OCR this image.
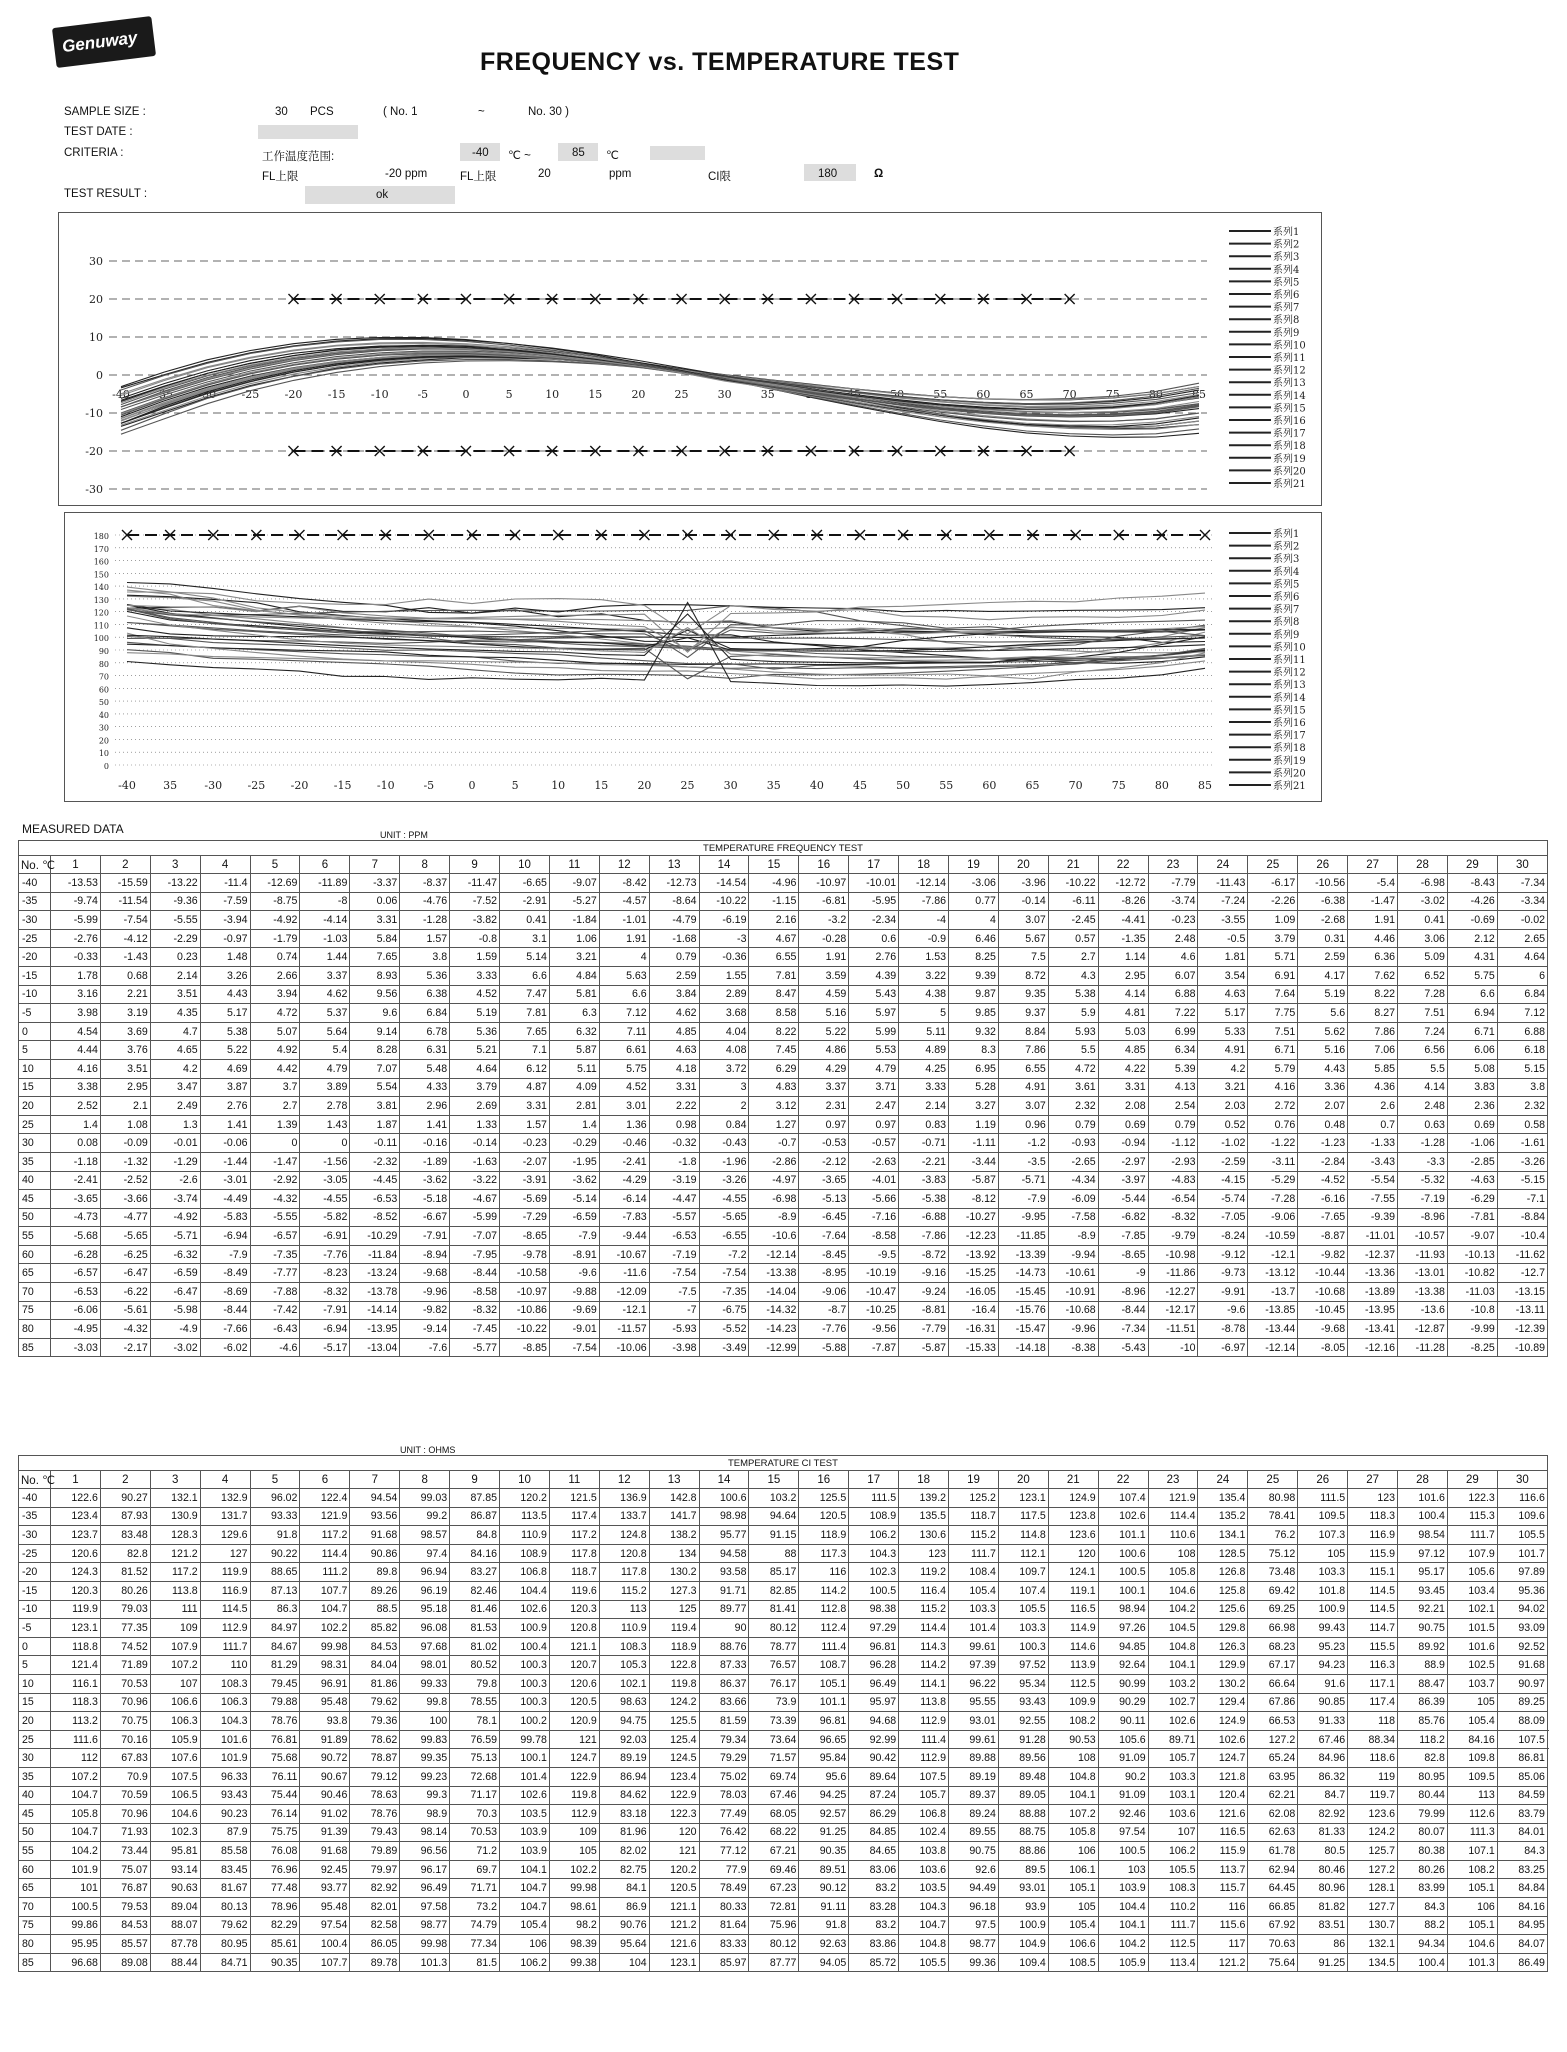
Genuway
FREQUENCY vs. TEMPERATURE TEST
SAMPLE SIZE :	30 PCS	( No. 1	~	No. 30 )
TEST DATE :
CRITERIA :	工作温度范围:	-40 ℃ ~	85 ℃
FL上限	-20 ppm	FL上限	20	ppm	CI限	180	Ω
TEST RESULT :	ok
30
20
10
0
-10
-20
-30
-40 -35 -30 -25 -20 -15 -10	-5	0	5	10	15	20	25	30	35	40	45	50	55	60	65	70	75	80	85
系列1
系列2
系列3
系列4
系列5
系列6
系列7
系列8
系列9
系列10
系列11
系列12
系列13
系列14
系列15
系列16
系列17
系列18
系列19
系列20
系列21
180
170
160
150
140
130
120
110
100
90
80
70
60
50
40
30
20
10
0
-40 35 -30 -25 -20 -15 -10	-5	0	5	10	15	20	25	30	35	40	45	50	55	60	65	70	75	80	85
系列1
系列2
系列3
系列4
系列5
系列6
系列7
系列8
系列9
系列10
系列11
系列12
系列13
系列14
系列15
系列16
系列17
系列18
系列19
系列20
系列21
MEASURED DATA	UNIT : PPM
TEMPERATURE FREQUENCY TEST																														
No. ℃	1	2	3	4	5	6	7	8	9	10	11	12	13	14	15	16	17	18	19	20	21	22	23	24	25	26	27	28	29	30
-40	-13.53	-15.59	-13.22	-11.4	-12.69	-11.89	-3.37	-8.37	-11.47	-6.65	-9.07	-8.42	-12.73	-14.54	-4.96	-10.97	-10.01	-12.14	-3.06	-3.96	-10.22	-12.72	-7.79	-11.43	-6.17	-10.56	-5.4	-6.98	-8.43	-7.34
-35	-9.74	-11.54	-9.36	-7.59	-8.75	-8	0.06	-4.76	-7.52	-2.91	-5.27	-4.57	-8.64	-10.22	-1.15	-6.81	-5.95	-7.86	0.77	-0.14	-6.11	-8.26	-3.74	-7.24	-2.26	-6.38	-1.47	-3.02	-4.26	-3.34
-30	-5.99	-7.54	-5.55	-3.94	-4.92	-4.14	3.31	-1.28	-3.82	0.41	-1.84	-1.01	-4.79	-6.19	2.16	-3.2	-2.34	-4	4	3.07	-2.45	-4.41	-0.23	-3.55	1.09	-2.68	1.91	0.41	-0.69	-0.02
-25	-2.76	-4.12	-2.29	-0.97	-1.79	-1.03	5.84	1.57	-0.8	3.1	1.06	1.91	-1.68	-3	4.67	-0.28	0.6	-0.9	6.46	5.67	0.57	-1.35	2.48	-0.5	3.79	0.31	4.46	3.06	2.12	2.65
-20	-0.33	-1.43	0.23	1.48	0.74	1.44	7.65	3.8	1.59	5.14	3.21	4	0.79	-0.36	6.55	1.91	2.76	1.53	8.25	7.5	2.7	1.14	4.6	1.81	5.71	2.59	6.36	5.09	4.31	4.64
-15	1.78	0.68	2.14	3.26	2.66	3.37	8.93	5.36	3.33	6.6	4.84	5.63	2.59	1.55	7.81	3.59	4.39	3.22	9.39	8.72	4.3	2.95	6.07	3.54	6.91	4.17	7.62	6.52	5.75	6
-10	3.16	2.21	3.51	4.43	3.94	4.62	9.56	6.38	4.52	7.47	5.81	6.6	3.84	2.89	8.47	4.59	5.43	4.38	9.87	9.35	5.38	4.14	6.88	4.63	7.64	5.19	8.22	7.28	6.6	6.84
-5	3.98	3.19	4.35	5.17	4.72	5.37	9.6	6.84	5.19	7.81	6.3	7.12	4.62	3.68	8.58	5.16	5.97	5	9.85	9.37	5.9	4.81	7.22	5.17	7.75	5.6	8.27	7.51	6.94	7.12
0	4.54	3.69	4.7	5.38	5.07	5.64	9.14	6.78	5.36	7.65	6.32	7.11	4.85	4.04	8.22	5.22	5.99	5.11	9.32	8.84	5.93	5.03	6.99	5.33	7.51	5.62	7.86	7.24	6.71	6.88
5	4.44	3.76	4.65	5.22	4.92	5.4	8.28	6.31	5.21	7.1	5.87	6.61	4.63	4.08	7.45	4.86	5.53	4.89	8.3	7.86	5.5	4.85	6.34	4.91	6.71	5.16	7.06	6.56	6.06	6.18
10	4.16	3.51	4.2	4.69	4.42	4.79	7.07	5.48	4.64	6.12	5.11	5.75	4.18	3.72	6.29	4.29	4.79	4.25	6.95	6.55	4.72	4.22	5.39	4.2	5.79	4.43	5.85	5.5	5.08	5.15
15	3.38	2.95	3.47	3.87	3.7	3.89	5.54	4.33	3.79	4.87	4.09	4.52	3.31	3	4.83	3.37	3.71	3.33	5.28	4.91	3.61	3.31	4.13	3.21	4.16	3.36	4.36	4.14	3.83	3.8
20	2.52	2.1	2.49	2.76	2.7	2.78	3.81	2.96	2.69	3.31	2.81	3.01	2.22	2	3.12	2.31	2.47	2.14	3.27	3.07	2.32	2.08	2.54	2.03	2.72	2.07	2.6	2.48	2.36	2.32
25	1.4	1.08	1.3	1.41	1.39	1.43	1.87	1.41	1.33	1.57	1.4	1.36	0.98	0.84	1.27	0.97	0.97	0.83	1.19	0.96	0.79	0.69	0.79	0.52	0.76	0.48	0.7	0.63	0.69	0.58
30	0.08	-0.09	-0.01	-0.06	0	0	-0.11	-0.16	-0.14	-0.23	-0.29	-0.46	-0.32	-0.43	-0.7	-0.53	-0.57	-0.71	-1.11	-1.2	-0.93	-0.94	-1.12	-1.02	-1.22	-1.23	-1.33	-1.28	-1.06	-1.61
35	-1.18	-1.32	-1.29	-1.44	-1.47	-1.56	-2.32	-1.89	-1.63	-2.07	-1.95	-2.41	-1.8	-1.96	-2.86	-2.12	-2.63	-2.21	-3.44	-3.5	-2.65	-2.97	-2.93	-2.59	-3.11	-2.84	-3.43	-3.3	-2.85	-3.26
40	-2.41	-2.52	-2.6	-3.01	-2.92	-3.05	-4.45	-3.62	-3.22	-3.91	-3.62	-4.29	-3.19	-3.26	-4.97	-3.65	-4.01	-3.83	-5.87	-5.71	-4.34	-3.97	-4.83	-4.15	-5.29	-4.52	-5.54	-5.32	-4.63	-5.15
45	-3.65	-3.66	-3.74	-4.49	-4.32	-4.55	-6.53	-5.18	-4.67	-5.69	-5.14	-6.14	-4.47	-4.55	-6.98	-5.13	-5.66	-5.38	-8.12	-7.9	-6.09	-5.44	-6.54	-5.74	-7.28	-6.16	-7.55	-7.19	-6.29	-7.1
50	-4.73	-4.77	-4.92	-5.83	-5.55	-5.82	-8.52	-6.67	-5.99	-7.29	-6.59	-7.83	-5.57	-5.65	-8.9	-6.45	-7.16	-6.88	-10.27	-9.95	-7.58	-6.82	-8.32	-7.05	-9.06	-7.65	-9.39	-8.96	-7.81	-8.84
55	-5.68	-5.65	-5.71	-6.94	-6.57	-6.91	-10.29	-7.91	-7.07	-8.65	-7.9	-9.44	-6.53	-6.55	-10.6	-7.64	-8.58	-7.86	-12.23	-11.85	-8.9	-7.85	-9.79	-8.24	-10.59	-8.87	-11.01	-10.57	-9.07	-10.4
60	-6.28	-6.25	-6.32	-7.9	-7.35	-7.76	-11.84	-8.94	-7.95	-9.78	-8.91	-10.67	-7.19	-7.2	-12.14	-8.45	-9.5	-8.72	-13.92	-13.39	-9.94	-8.65	-10.98	-9.12	-12.1	-9.82	-12.37	-11.93	-10.13	-11.62
65	-6.57	-6.47	-6.59	-8.49	-7.77	-8.23	-13.24	-9.68	-8.44	-10.58	-9.6	-11.6	-7.54	-7.54	-13.38	-8.95	-10.19	-9.16	-15.25	-14.73	-10.61	-9	-11.86	-9.73	-13.12	-10.44	-13.36	-13.01	-10.82	-12.7
70	-6.53	-6.22	-6.47	-8.69	-7.88	-8.32	-13.78	-9.96	-8.58	-10.97	-9.88	-12.09	-7.5	-7.35	-14.04	-9.06	-10.47	-9.24	-16.05	-15.45	-10.91	-8.96	-12.27	-9.91	-13.7	-10.68	-13.89	-13.38	-11.03	-13.15
75	-6.06	-5.61	-5.98	-8.44	-7.42	-7.91	-14.14	-9.82	-8.32	-10.86	-9.69	-12.1	-7	-6.75	-14.32	-8.7	-10.25	-8.81	-16.4	-15.76	-10.68	-8.44	-12.17	-9.6	-13.85	-10.45	-13.95	-13.6	-10.8	-13.11
80	-4.95	-4.32	-4.9	-7.66	-6.43	-6.94	-13.95	-9.14	-7.45	-10.22	-9.01	-11.57	-5.93	-5.52	-14.23	-7.76	-9.56	-7.79	-16.31	-15.47	-9.96	-7.34	-11.51	-8.78	-13.44	-9.68	-13.41	-12.87	-9.99	-12.39
85	-3.03	-2.17	-3.02	-6.02	-4.6	-5.17	-13.04	-7.6	-5.77	-8.85	-7.54	-10.06	-3.98	-3.49	-12.99	-5.88	-7.87	-5.87	-15.33	-14.18	-8.38	-5.43	-10	-6.97	-12.14	-8.05	-12.16	-11.28	-8.25	-10.89
UNIT : OHMS
TEMPERATURE CI TEST																															
No. ℃	1	2	3	4	5	6	7	8	9	10	11	12	13	14	15	16	17	18	19	20	21	22	23	24	25	26	27	28	29	30	
-40	122.6	90.27	132.1	132.9	96.02	122.4	94.54	99.03	87.85	120.2	121.5	136.9	142.8	100.6	103.2	125.5	111.5	139.2	125.2	123.1	124.9	107.4	121.9	135.4	80.98	111.5	123	101.6	122.3	116.6	
-35	123.4	87.93	130.9	131.7	93.33	121.9	93.56	99.2	86.87	113.5	117.4	133.7	141.7	98.98	94.64	120.5	108.9	135.5	118.7	117.5	123.8	102.6	114.4	135.2	78.41	109.5	118.3	100.4	115.3	109.6	
-30	123.7	83.48	128.3	129.6	91.8	117.2	91.68	98.57	84.8	110.9	117.2	124.8	138.2	95.77	91.15	118.9	106.2	130.6	115.2	114.8	123.6	101.1	110.6	134.1	76.2	107.3	116.9	98.54	111.7	105.5	
-25	120.6	82.8	121.2	127	90.22	114.4	90.86	97.4	84.16	108.9	117.8	120.8	134	94.58	88	117.3	104.3	123	111.7	112.1	120	100.6	108	128.5	75.12	105	115.9	97.12	107.9	101.7	
-20	124.3	81.52	117.2	119.9	88.65	111.2	89.8	96.94	83.27	106.8	118.7	117.8	130.2	93.58	85.17	116	102.3	119.2	108.4	109.7	124.1	100.5	105.8	126.8	73.48	103.3	115.1	95.17	105.6	97.89	
-15	120.3	80.26	113.8	116.9	87.13	107.7	89.26	96.19	82.46	104.4	119.6	115.2	127.3	91.71	82.85	114.2	100.5	116.4	105.4	107.4	119.1	100.1	104.6	125.8	69.42	101.8	114.5	93.45	103.4	95.36	
-10	119.9	79.03	111	114.5	86.3	104.7	88.5	95.18	81.46	102.6	120.3	113	125	89.77	81.41	112.8	98.38	115.2	103.3	105.5	116.5	98.94	104.2	125.6	69.25	100.9	114.5	92.21	102.1	94.02	
-5	123.1	77.35	109	112.9	84.97	102.2	85.82	96.08	81.53	100.9	120.8	110.9	119.4	90	80.12	112.4	97.29	114.4	101.4	103.3	114.9	97.26	104.5	129.8	66.98	99.43	114.7	90.75	101.5	93.09	
0	118.8	74.52	107.9	111.7	84.67	99.98	84.53	97.68	81.02	100.4	121.1	108.3	118.9	88.76	78.77	111.4	96.81	114.3	99.61	100.3	114.6	94.85	104.8	126.3	68.23	95.23	115.5	89.92	101.6	92.52	
5	121.4	71.89	107.2	110	81.29	98.31	84.04	98.01	80.52	100.3	120.7	105.3	122.8	87.33	76.57	108.7	96.28	114.2	97.39	97.52	113.9	92.64	104.1	129.9	67.17	94.23	116.3	88.9	102.5	91.68	
10	116.1	70.53	107	108.3	79.45	96.91	81.86	99.33	79.8	100.3	120.6	102.1	119.8	86.37	76.17	105.1	96.49	114.1	96.22	95.34	112.5	90.99	103.2	130.2	66.64	91.6	117.1	88.47	103.7	90.97	
15	118.3	70.96	106.6	106.3	79.88	95.48	79.62	99.8	78.55	100.3	120.5	98.63	124.2	83.66	73.9	101.1	95.97	113.8	95.55	93.43	109.9	90.29	102.7	129.4	67.86	90.85	117.4	86.39	105	89.25	
20	113.2	70.75	106.3	104.3	78.76	93.8	79.36	100	78.1	100.2	120.9	94.75	125.5	81.59	73.39	96.81	94.68	112.9	93.01	92.55	108.2	90.11	102.6	124.9	66.53	91.33	118	85.76	105.4	88.09	
25	111.6	70.16	105.9	101.6	76.81	91.89	78.62	99.83	76.59	99.78	121	92.03	125.4	79.34	73.64	96.65	92.99	111.4	99.61	91.28	90.53	105.6	89.71	102.6	127.2	67.46	88.34	118.2	84.16	107.5	
30	112	67.83	107.6	101.9	75.68	90.72	78.87	99.35	75.13	100.1	124.7	89.19	124.5	79.29	71.57	95.84	90.42	112.9	89.88	89.56	108	91.09	105.7	124.7	65.24	84.96	118.6	82.8	109.8	86.81	
35	107.2	70.9	107.5	96.33	76.11	90.67	79.12	99.23	72.68	101.4	122.9	86.94	123.4	75.02	69.74	95.6	89.64	107.5	89.19	89.48	104.8	90.2	103.3	121.8	63.95	86.32	119	80.95	109.5	85.06	
40	104.7	70.59	106.5	93.43	75.44	90.46	78.63	99.3	71.17	102.6	119.8	84.62	122.9	78.03	67.46	94.25	87.24	105.7	89.37	89.05	104.1	91.09	103.1	120.4	62.21	84.7	119.7	80.44	113	84.59	
45	105.8	70.96	104.6	90.23	76.14	91.02	78.76	98.9	70.3	103.5	112.9	83.18	122.3	77.49	68.05	92.57	86.29	106.8	89.24	88.88	107.2	92.46	103.6	121.6	62.08	82.92	123.6	79.99	112.6	83.79	
50	104.7	71.93	102.3	87.9	75.75	91.39	79.43	98.14	70.53	103.9	109	81.96	120	76.42	68.22	91.25	84.85	102.4	89.55	88.75	105.8	97.54	107	116.5	62.63	81.33	124.2	80.07	111.3	84.01	
55	104.2	73.44	95.81	85.58	76.08	91.68	79.89	96.56	71.2	103.9	105	82.02	121	77.12	67.21	90.35	84.65	103.8	90.75	88.86	106	100.5	106.2	115.9	61.78	80.5	125.7	80.38	107.1	84.3	
60	101.9	75.07	93.14	83.45	76.96	92.45	79.97	96.17	69.7	104.1	102.2	82.75	120.2	77.9	69.46	89.51	83.06	103.6	92.6	89.5	106.1	103	105.5	113.7	62.94	80.46	127.2	80.26	108.2	83.25	
65	101	76.87	90.63	81.67	77.48	93.77	82.92	96.49	71.71	104.7	99.98	84.1	120.5	78.49	67.23	90.12	83.2	103.5	94.49	93.01	105.1	103.9	108.3	115.7	64.45	80.96	128.1	83.99	105.1	84.84	
70	100.5	79.53	89.04	80.13	78.96	95.48	82.01	97.58	73.2	104.7	98.61	86.9	121.1	80.33	72.81	91.11	83.28	104.3	96.18	93.9	105	104.4	110.2	116	66.85	81.82	127.7	84.3	106	84.16	
75	99.86	84.53	88.07	79.62	82.29	97.54	82.58	98.77	74.79	105.4	98.2	90.76	121.2	81.64	75.96	91.8	83.2	104.7	97.5	100.9	105.4	104.1	111.7	115.6	67.92	83.51	130.7	88.2	105.1	84.95	
80	95.95	85.57	87.78	80.95	85.61	100.4	86.05	99.98	77.34	106	98.39	95.64	121.6	83.33	80.12	92.63	83.86	104.8	98.77	104.9	106.6	104.2	112.5	117	70.63	86	132.1	94.34	104.6	84.07	
85	96.68	89.08	88.44	84.71	90.35	107.7	89.78	101.3	81.5	106.2	99.38	104	123.1	85.97	87.77	94.05	85.72	105.5	99.36	109.4	108.5	105.9	113.4	121.2	75.64	91.25	134.5	100.4	101.3	86.49	
